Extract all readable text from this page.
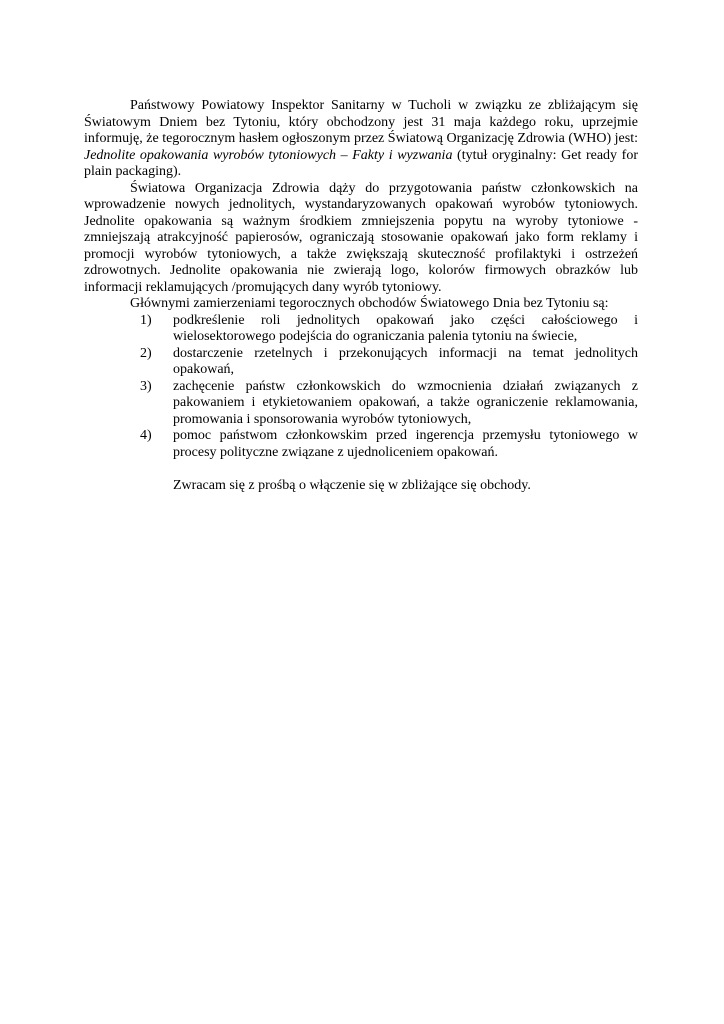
Państwowy Powiatowy Inspektor Sanitarny w Tucholi w związku ze zbliżającym się Światowym Dniem bez Tytoniu, który obchodzony jest 31 maja każdego roku, uprzejmie informuję, że tegorocznym hasłem ogłoszonym przez Światową Organizację Zdrowia (WHO) jest: Jednolite opakowania wyrobów tytoniowych – Fakty i wyzwania (tytuł oryginalny: Get ready for plain packaging).

Światowa Organizacja Zdrowia dąży do przygotowania państw członkowskich na wprowadzenie nowych jednolitych, wystandaryzowanych opakowań wyrobów tytoniowych. Jednolite opakowania są ważnym środkiem zmniejszenia popytu na wyroby tytoniowe - zmniejszają atrakcyjność papierosów, ograniczają stosowanie opakowań jako form reklamy i promocji wyrobów tytoniowych, a także zwiększają skuteczność profilaktyki i ostrzeżeń zdrowotnych. Jednolite opakowania nie zwierają logo, kolorów firmowych obrazków lub informacji reklamujących /promujących dany wyrób tytoniowy.

Głównymi zamierzeniami tegorocznych obchodów Światowego Dnia bez Tytoniu są:

1)	podkreślenie roli jednolitych opakowań jako części całościowego i wielosektorowego podejścia do ograniczania palenia tytoniu na świecie,
2)	dostarczenie rzetelnych i przekonujących informacji na temat jednolitych opakowań,
3)	zachęcenie państw członkowskich do wzmocnienia działań związanych z pakowaniem i etykietowaniem opakowań, a także ograniczenie reklamowania, promowania i sponsorowania wyrobów tytoniowych,
4)	pomoc państwom członkowskim przed ingerencja przemysłu tytoniowego w procesy polityczne związane z ujednoliceniem opakowań.

Zwracam się z prośbą o włączenie się w zbliżające się obchody.
